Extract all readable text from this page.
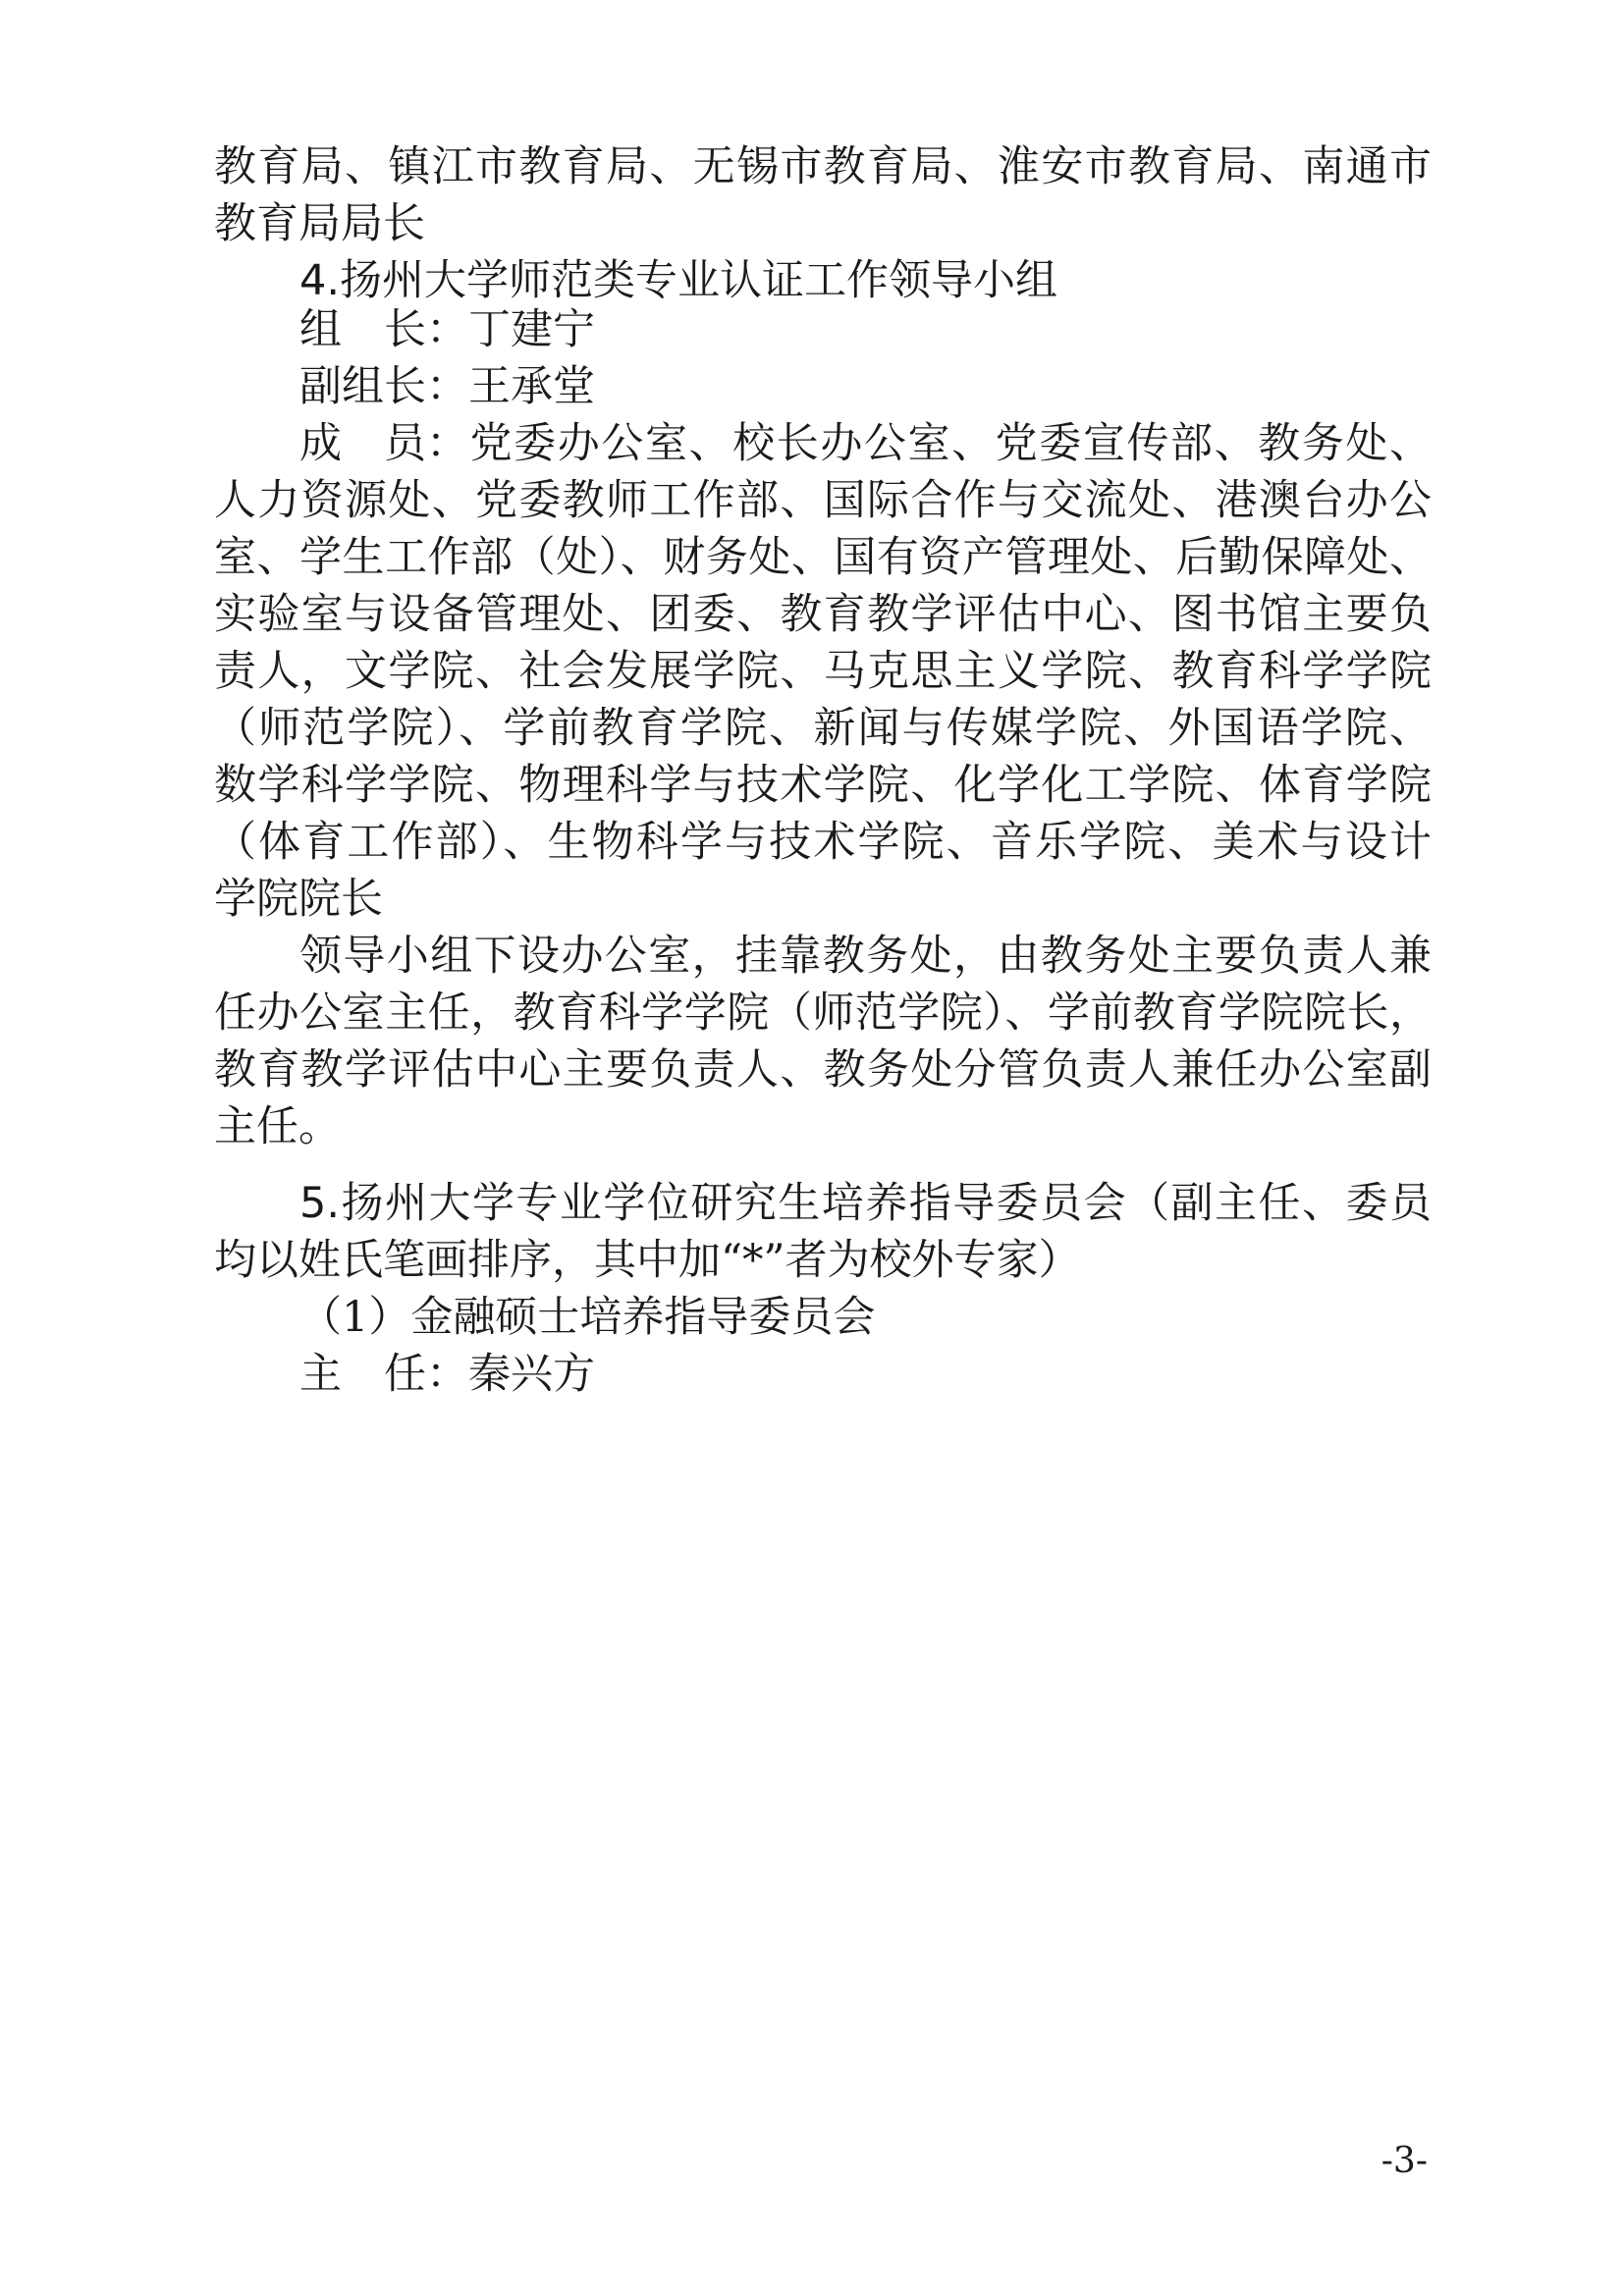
教育局、镇江市教育局、无锡市教育局、淮安市教育局、南通市
教育局局长
4.扬州大学师范类专业认证工作领导小组
组　长：丁建宁
副组长：王承堂
成　员：党委办公室、校长办公室、党委宣传部、教务处、
人力资源处、党委教师工作部、国际合作与交流处、港澳台办公
室、学生工作部（处）、财务处、国有资产管理处、后勤保障处、
实验室与设备管理处、团委、教育教学评估中心、图书馆主要负
责人，文学院、社会发展学院、马克思主义学院、教育科学学院
（师范学院）、学前教育学院、新闻与传媒学院、外国语学院、
数学科学学院、物理科学与技术学院、化学化工学院、体育学院
（体育工作部）、生物科学与技术学院、音乐学院、美术与设计
学院院长
领导小组下设办公室，挂靠教务处，由教务处主要负责人兼
任办公室主任，教育科学学院（师范学院）、学前教育学院院长，
教育教学评估中心主要负责人、教务处分管负责人兼任办公室副
主任。
5.扬州大学专业学位研究生培养指导委员会（副主任、委员
均以姓氏笔画排序，其中加“*”者为校外专家）
（1）金融硕士培养指导委员会
主　任：秦兴方
-3-
